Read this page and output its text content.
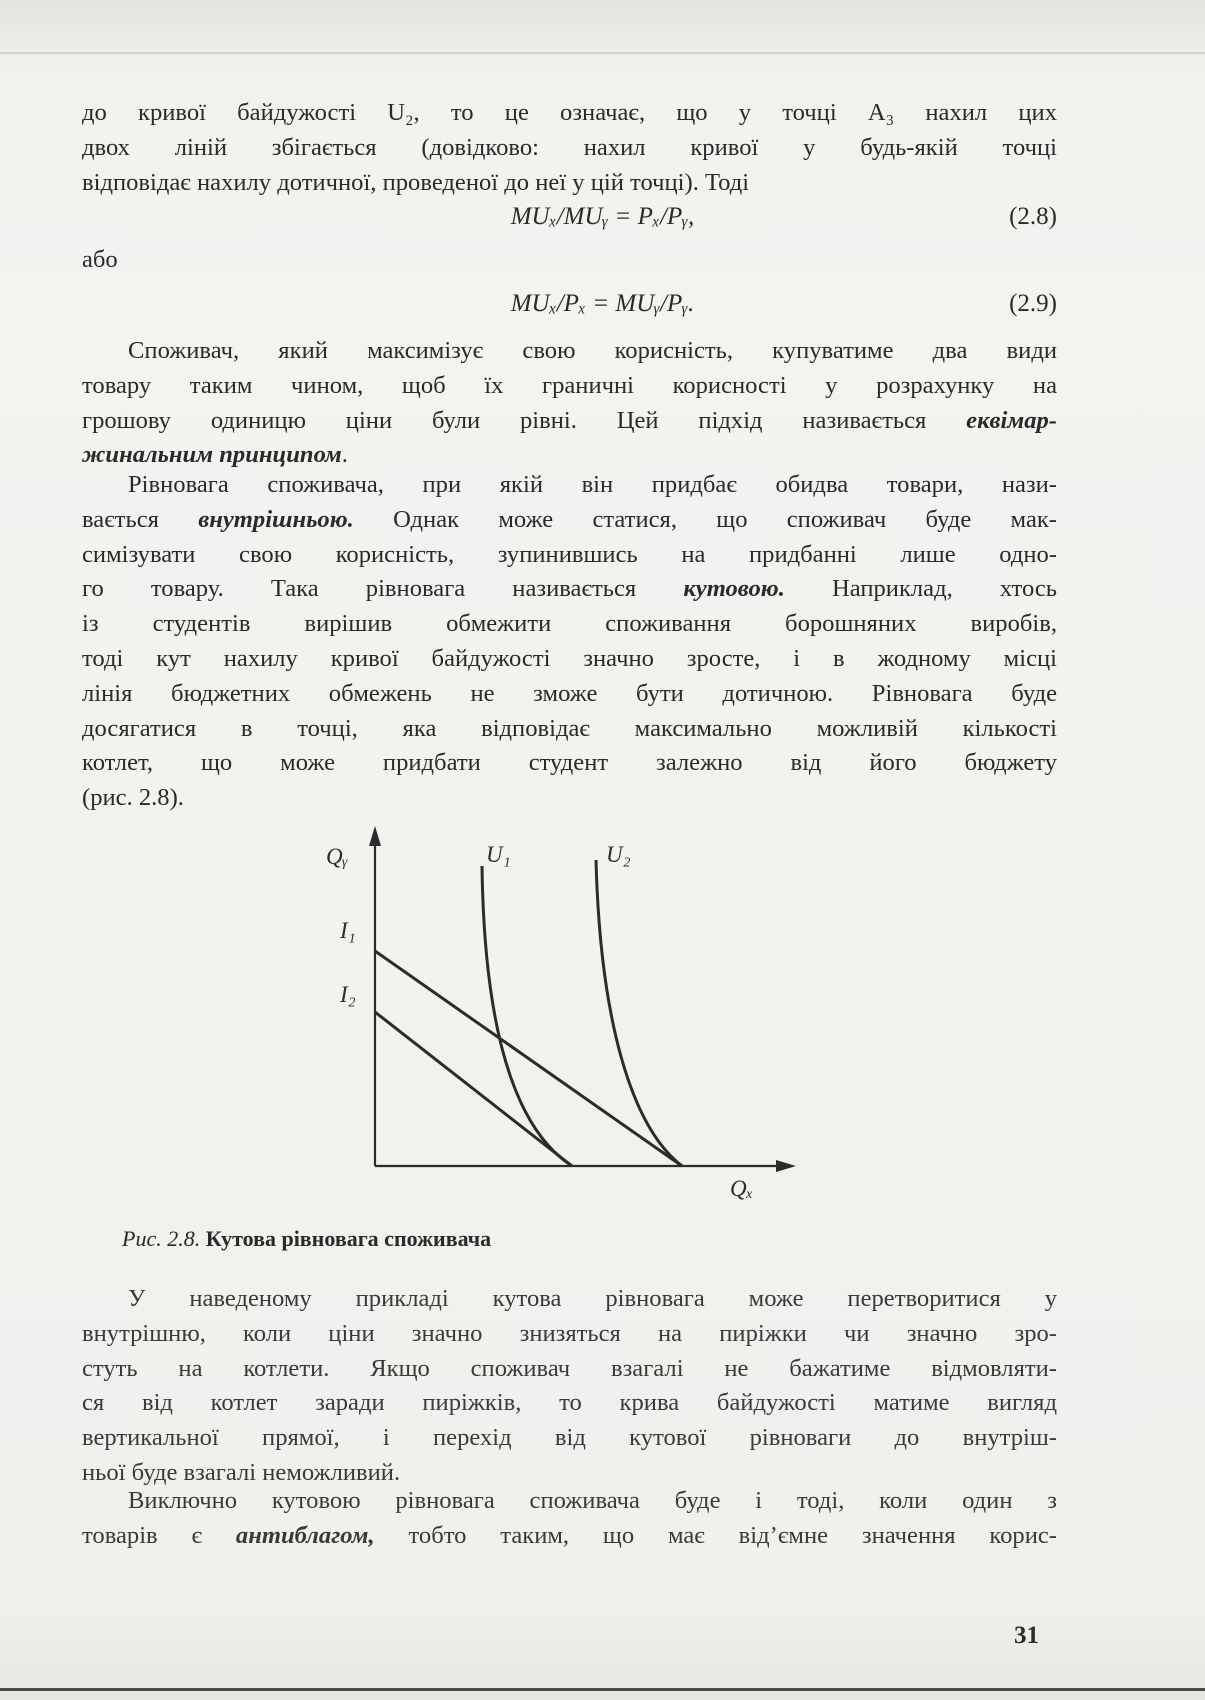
до кривої байдужості U₂, то це означає, що у точці A₃ нахил цих
двох ліній збігається (довідково: нахил кривої у будь-якій точці
відповідає нахилу дотичної, проведеної до неї у цій точці). Тоді
MUₓ/MUᵧ = Pₓ/Pᵧ,	(2.8)
або
MUₓ/Pₓ = MUᵧ/Pᵧ.	(2.9)
Споживач, який максимізує свою корисність, купуватиме два види
товару таким чином, щоб їх граничні корисності у розрахунку на
грошову одиницю ціни були рівні. Цей підхід називається еквімар-
жинальним принципом.
Рівновага споживача, при якій він придбає обидва товари, нази-
вається внутрішньою. Однак може статися, що споживач буде мак-
симізувати свою корисність, зупинившись на придбанні лише одно-
го товару. Така рівновага називається кутовою. Наприклад, хтось
із студентів вирішив обмежити споживання борошняних виробів,
тоді кут нахилу кривої байдужості значно зросте, і в жодному місці
лінія бюджетних обмежень не зможе бути дотичною. Рівновага буде
досягатися в точці, яка відповідає максимально можливій кількості
котлет, що може придбати студент залежно від його бюджету
(рис. 2.8).
Qᵧ
Qₓ
U₁	U₂
I₁
I₂
Рис. 2.8. Кутова рівновага споживача
У наведеному прикладі кутова рівновага може перетворитися у
внутрішню, коли ціни значно знизяться на пиріжки чи значно зро-
стуть на котлети. Якщо споживач взагалі не бажатиме відмовляти-
ся від котлет заради пиріжків, то крива байдужості матиме вигляд
вертикальної прямої, і перехід від кутової рівноваги до внутріш-
ньої буде взагалі неможливий.
Виключно кутовою рівновага споживача буде і тоді, коли один з
товарів є антиблагом, тобто таким, що має від’ємне значення корис-
31
